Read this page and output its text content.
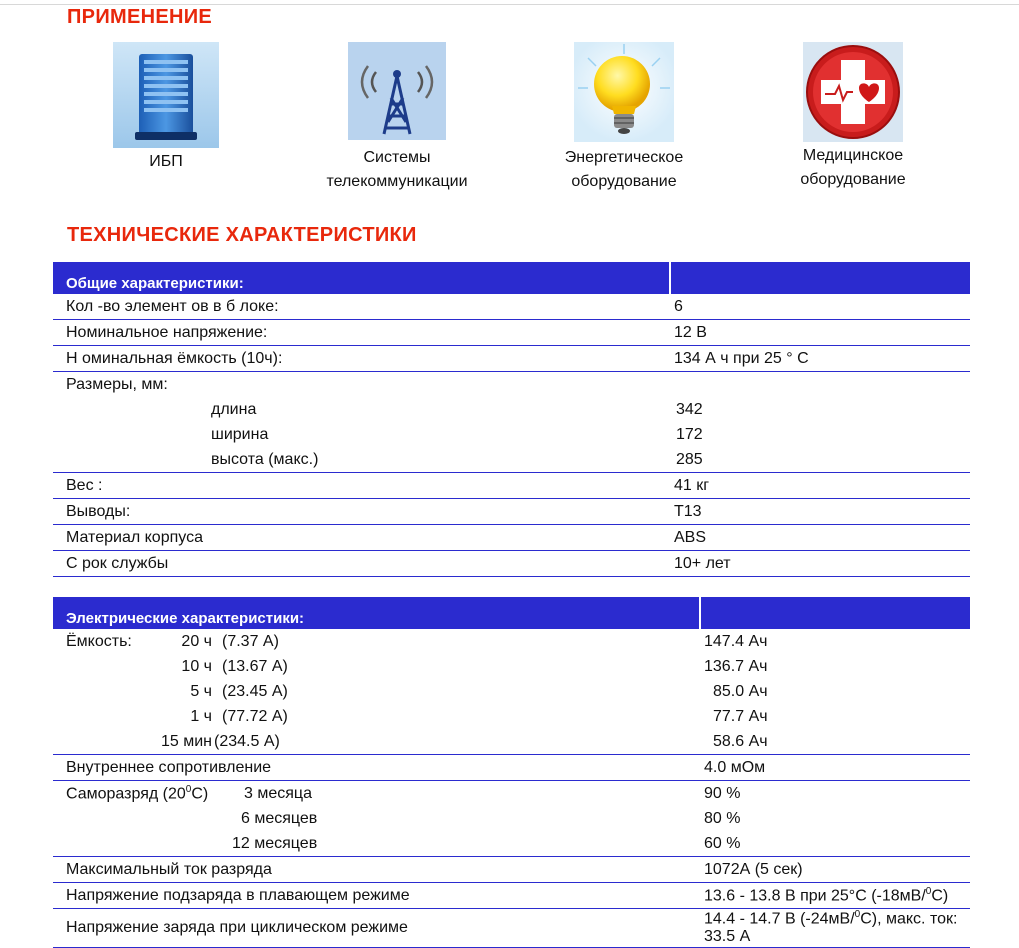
ПРИМЕНЕНИЕ
ИБП	Системы
телекоммуникации
Энергетическое
оборудование
Медицинское
оборудование
ТЕХНИЧЕСКИЕ ХАРАКТЕРИСТИКИ
Общие характеристики:	
Кол -во элемент ов в б локе:	6
Номинальное напряжение:	12 В
Н оминальная ёмкость (10ч):	134 А ч при 25 ° С
Размеры, мм:	
длина	342
ширина	172
высота (макс.)	285
Вес :	41 кг
Выводы:	T13
Материал корпуса	ABS
С рок службы	10+ лет
Электрические характеристики:	
Ёмкость: 20 ч (7.37 А)	147.4 Ач
10 ч (13.67 А)	136.7 Ач
5 ч (23.45 А)	85.0 Ач
1 ч (77.72 А)	77.7 Ач
15 мин (234.5 А)	58.6 Ач
Внутреннее сопротивление	4.0 мОм
Саморазряд $(20^0С)$ 3 месяца	90 %
6 месяцев	80 %
12 месяцев	60 %
Максимальный ток разряда	1072А (5 сек)
Напряжение подзаряда в плавающем режиме	13.6 - 13.8 В при 25°С (-18мВ/$^0$С)
Напряжение заряда при циклическом режиме	14.4 - 14.7 В (-24мВ/$^0$С), макс. ток: 33.5 А
